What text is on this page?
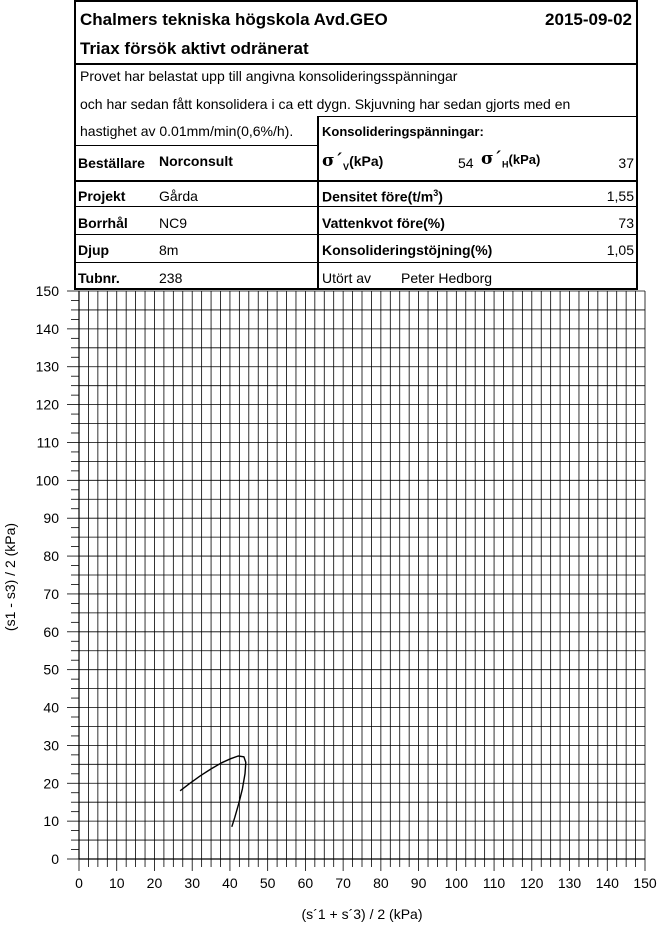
Chalmers tekniska högskola Avd.GEO	2015-09-02
Triax försök aktivt odränerat
Provet har belastat upp till angivna konsolideringsspänningar
och har sedan fått konsolidera i ca ett dygn. Skjuvning har sedan gjorts med en
hastighet av 0.01mm/min(0,6%/h).
Beställare Norconsult
Projekt Gårda
Borrhål NC9
Djup	8m
Tubnr.	238
Konsolideringspänningar:
$\sigma´_V(kPa)$	54 $\sigma´_H(kPa)$	37
Densitet $före(t/m^3)$	1,55
Vattenkvot före(%)	73
Konsolideringstöjning(%)	1,05
Utört av Peter Hedborg
0 10 20 30 40 50 60 70 80 90 100 110 120 130 140 150
0
10
20
30
40
50
60
70
80
90
100
110
120
130
140
150
(s´1 + s´3) / 2 (kPa)
(s1 - s3) / 2 (kPa)
